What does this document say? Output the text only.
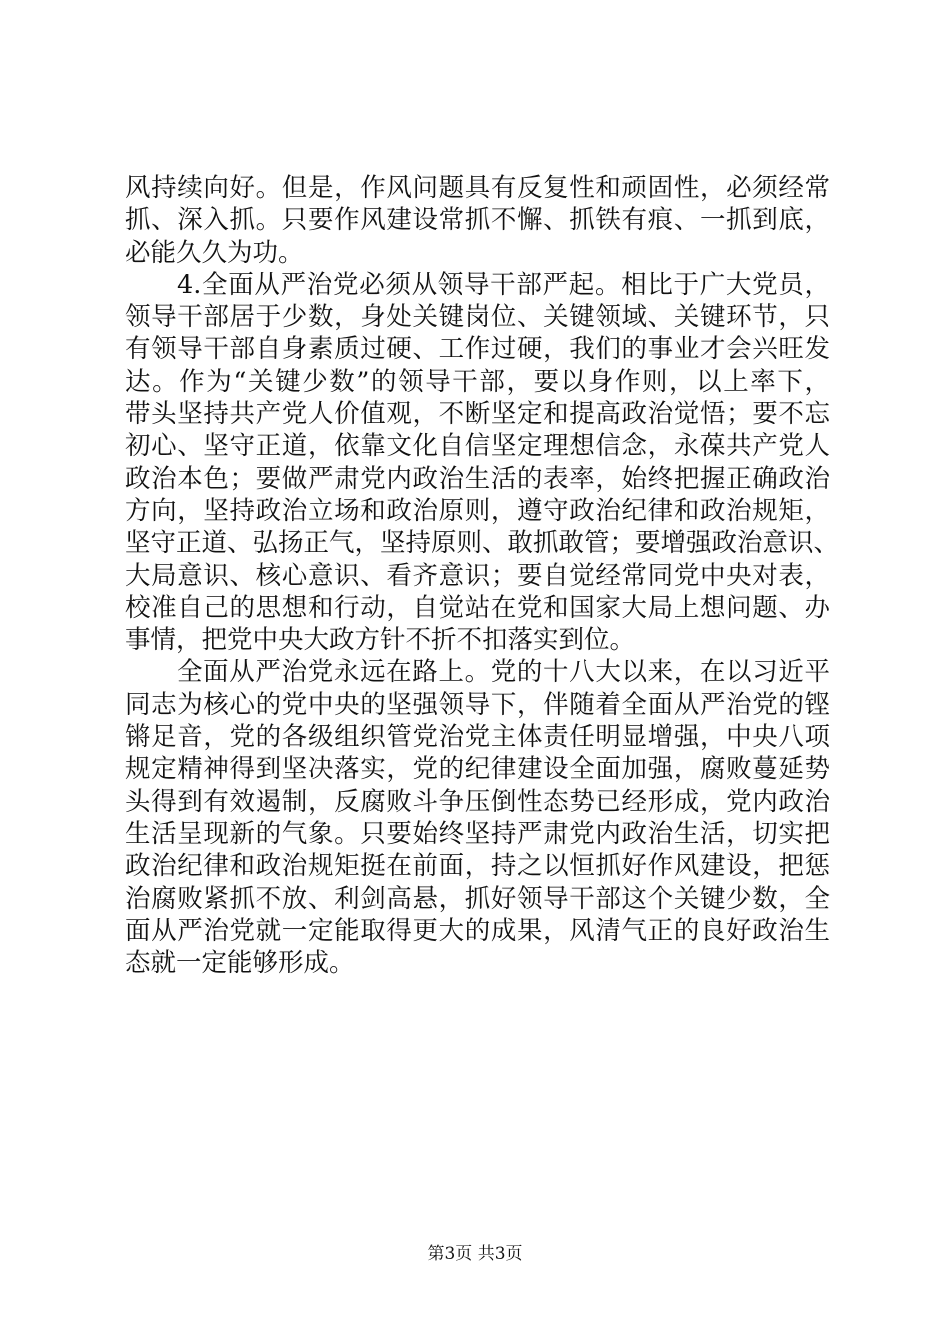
风持续向好。但是，作风问题具有反复性和顽固性，必须经常
抓、深入抓。只要作风建设常抓不懈、抓铁有痕、一抓到底，
必能久久为功。
4.全面从严治党必须从领导干部严起。相比于广大党员，
领导干部居于少数，身处关键岗位、关键领域、关键环节，只
有领导干部自身素质过硬、工作过硬，我们的事业才会兴旺发
达。作为“关键少数”的领导干部，要以身作则，以上率下，
带头坚持共产党人价值观，不断坚定和提高政治觉悟；要不忘
初心、坚守正道，依靠文化自信坚定理想信念，永葆共产党人
政治本色；要做严肃党内政治生活的表率，始终把握正确政治
方向，坚持政治立场和政治原则，遵守政治纪律和政治规矩，
坚守正道、弘扬正气，坚持原则、敢抓敢管；要增强政治意识、
大局意识、核心意识、看齐意识；要自觉经常同党中央对表，
校准自己的思想和行动，自觉站在党和国家大局上想问题、办
事情，把党中央大政方针不折不扣落实到位。
全面从严治党永远在路上。党的十八大以来，在以习近平
同志为核心的党中央的坚强领导下，伴随着全面从严治党的铿
锵足音，党的各级组织管党治党主体责任明显增强，中央八项
规定精神得到坚决落实，党的纪律建设全面加强，腐败蔓延势
头得到有效遏制，反腐败斗争压倒性态势已经形成，党内政治
生活呈现新的气象。只要始终坚持严肃党内政治生活，切实把
政治纪律和政治规矩挺在前面，持之以恒抓好作风建设，把惩
治腐败紧抓不放、利剑高悬，抓好领导干部这个关键少数，全
面从严治党就一定能取得更大的成果，风清气正的良好政治生
态就一定能够形成。
第3页 共3页
